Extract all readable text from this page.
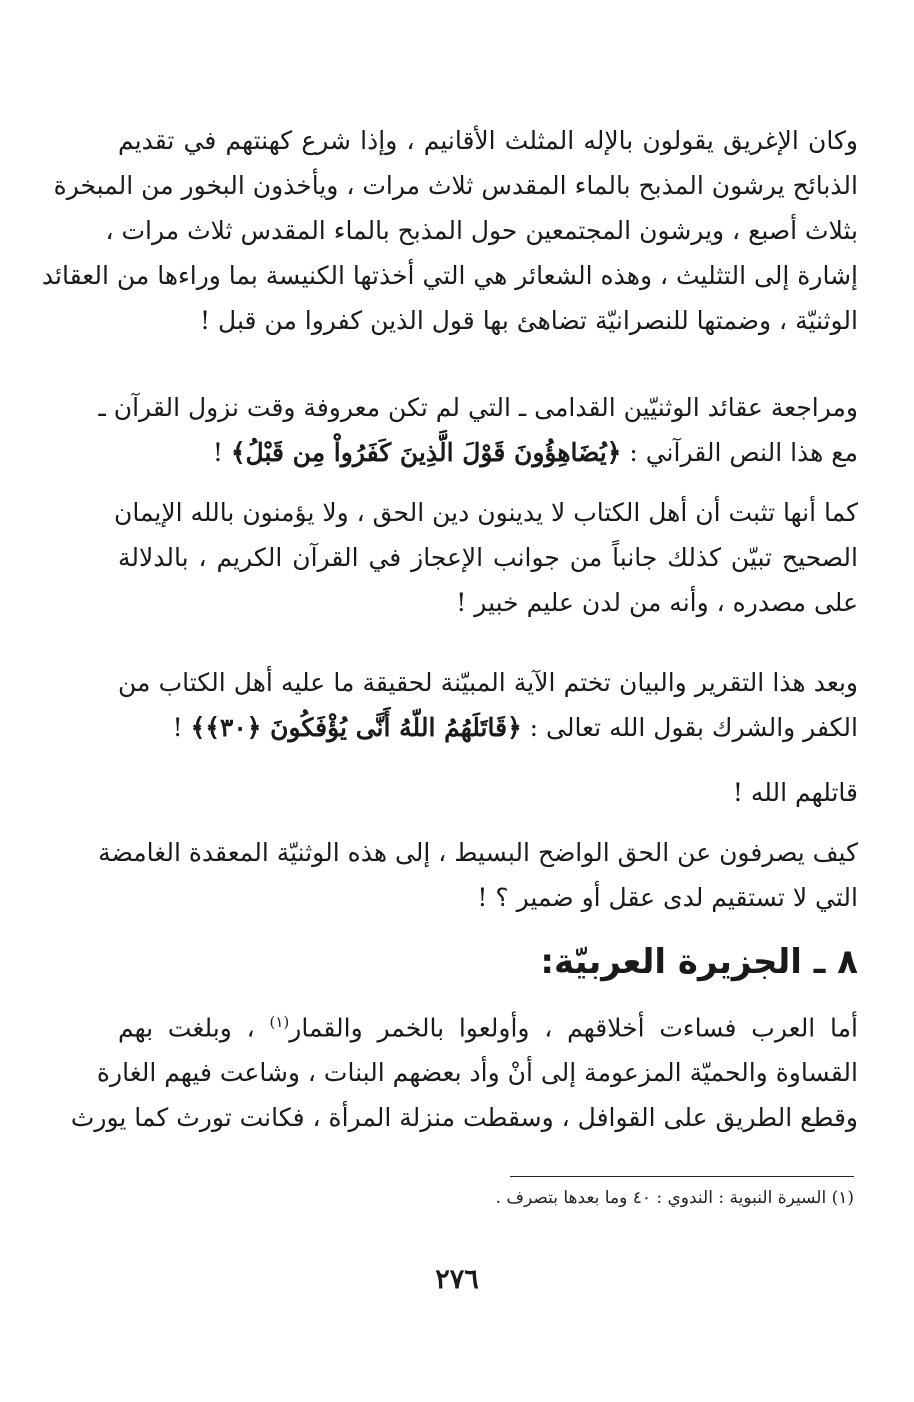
وكان الإغريق يقولون بالإله المثلث الأقانيم ، وإذا شرع كهنتهم في تقديم
الذبائح يرشون المذبح بالماء المقدس ثلاث مرات ، ويأخذون البخور من المبخرة
بثلاث أصبع ، ويرشون المجتمعين حول المذبح بالماء المقدس ثلاث مرات ،
إشارة إلى التثليث ، وهذه الشعائر هي التي أخذتها الكنيسة بما وراءها من العقائد
الوثنيّة ، وضمتها للنصرانيّة تضاهئ بها قول الذين كفروا من قبل !

ومراجعة عقائد الوثنيّين القدامى ـ التي لم تكن معروفة وقت نزول القرآن ـ
مع هذا النص القرآني : ﴿يُضَاهِؤُونَ قَوْلَ الَّذِينَ كَفَرُواْ مِن قَبْلُ﴾ !

كما أنها تثبت أن أهل الكتاب لا يدينون دين الحق ، ولا يؤمنون بالله الإيمان
الصحيح تبيّن كذلك جانباً من جوانب الإعجاز في القرآن الكريم ، بالدلالة
على مصدره ، وأنه من لدن عليم خبير !

وبعد هذا التقرير والبيان تختم الآية المبيّنة لحقيقة ما عليه أهل الكتاب من
الكفر والشرك بقول الله تعالى : ﴿قَاتَلَهُمُ اللّهُ أَنَّى يُؤْفَكُونَ ﴿٣٠﴾﴾ !

قاتلهم الله !

كيف يصرفون عن الحق الواضح البسيط ، إلى هذه الوثنيّة المعقدة الغامضة
التي لا تستقيم لدى عقل أو ضمير ؟ !

٨ ـ الجزيرة العربيّة:

أما العرب فساءت أخلاقهم ، وأولعوا بالخمر والقمار$^{(١)}$ ، وبلغت بهم
القساوة والحميّة المزعومة إلى أنْ وأد بعضهم البنات ، وشاعت فيهم الغارة
وقطع الطريق على القوافل ، وسقطت منزلة المرأة ، فكانت تورث كما يورث

(١) السيرة النبوية : الندوي : ٤٠ وما بعدها بتصرف .
٢٧٦
